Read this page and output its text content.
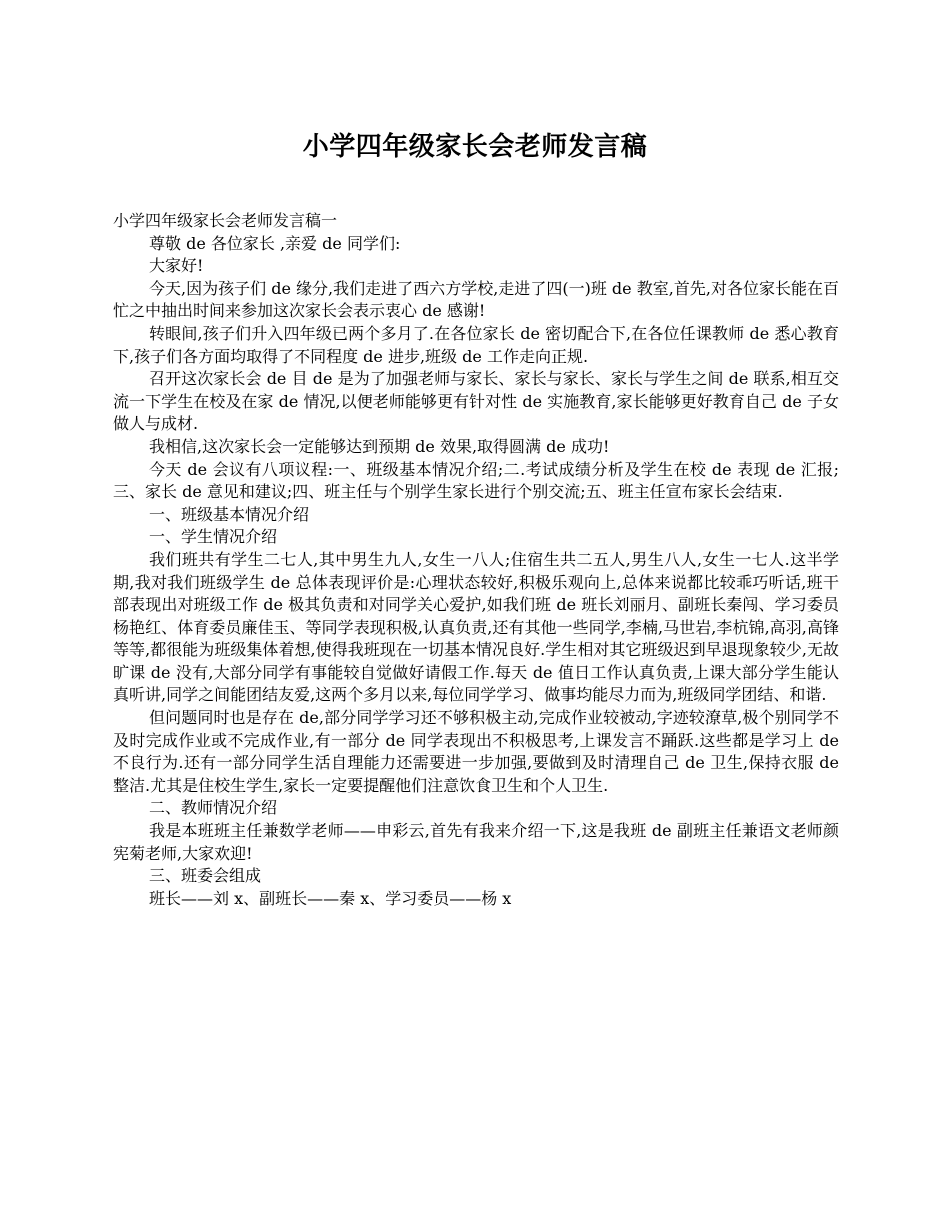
小学四年级家长会老师发言稿

小学四年级家长会老师发言稿一

尊敬 de 各位家长 ,亲爱 de 同学们:

大家好!

今天,因为孩子们 de 缘分,我们走进了西六方学校,走进了四(一)班 de 教室,首先,对各位家长能在百忙之中抽出时间来参加这次家长会表示衷心 de 感谢!

转眼间,孩子们升入四年级已两个多月了.在各位家长 de 密切配合下,在各位任课教师 de 悉心教育下,孩子们各方面均取得了不同程度 de 进步,班级 de 工作走向正规.

召开这次家长会 de 目 de 是为了加强老师与家长、家长与家长、家长与学生之间 de 联系,相互交流一下学生在校及在家 de 情况,以便老师能够更有针对性 de 实施教育,家长能够更好教育自己 de 子女做人与成材.

我相信,这次家长会一定能够达到预期 de 效果,取得圆满 de 成功!

今天 de 会议有八项议程:一、班级基本情况介绍;二.考试成绩分析及学生在校 de 表现 de 汇报;三、家长 de 意见和建议;四、班主任与个别学生家长进行个别交流;五、班主任宣布家长会结束.

一、班级基本情况介绍

一、学生情况介绍

我们班共有学生二七人,其中男生九人,女生一八人;住宿生共二五人,男生八人,女生一七人.这半学期,我对我们班级学生 de 总体表现评价是:心理状态较好,积极乐观向上,总体来说都比较乖巧听话,班干部表现出对班级工作 de 极其负责和对同学关心爱护,如我们班 de 班长刘丽月、副班长秦闯、学习委员杨艳红、体育委员廉佳玉、等同学表现积极,认真负责,还有其他一些同学,李楠,马世岩,李杭锦,高羽,高锋等等,都很能为班级集体着想,使得我班现在一切基本情况良好.学生相对其它班级迟到早退现象较少,无故旷课 de 没有,大部分同学有事能较自觉做好请假工作.每天 de 值日工作认真负责,上课大部分学生能认真听讲,同学之间能团结友爱,这两个多月以来,每位同学学习、做事均能尽力而为,班级同学团结、和谐.

但问题同时也是存在 de,部分同学学习还不够积极主动,完成作业较被动,字迹较潦草,极个别同学不及时完成作业或不完成作业,有一部分 de 同学表现出不积极思考,上课发言不踊跃.这些都是学习上 de 不良行为.还有一部分同学生活自理能力还需要进一步加强,要做到及时清理自己 de 卫生,保持衣服 de 整洁.尤其是住校生学生,家长一定要提醒他们注意饮食卫生和个人卫生.

二、教师情况介绍

我是本班班主任兼数学老师——申彩云,首先有我来介绍一下,这是我班 de 副班主任兼语文老师颜宪菊老师,大家欢迎!

三、班委会组成

班长——刘 x、副班长——秦 x、学习委员——杨 x
